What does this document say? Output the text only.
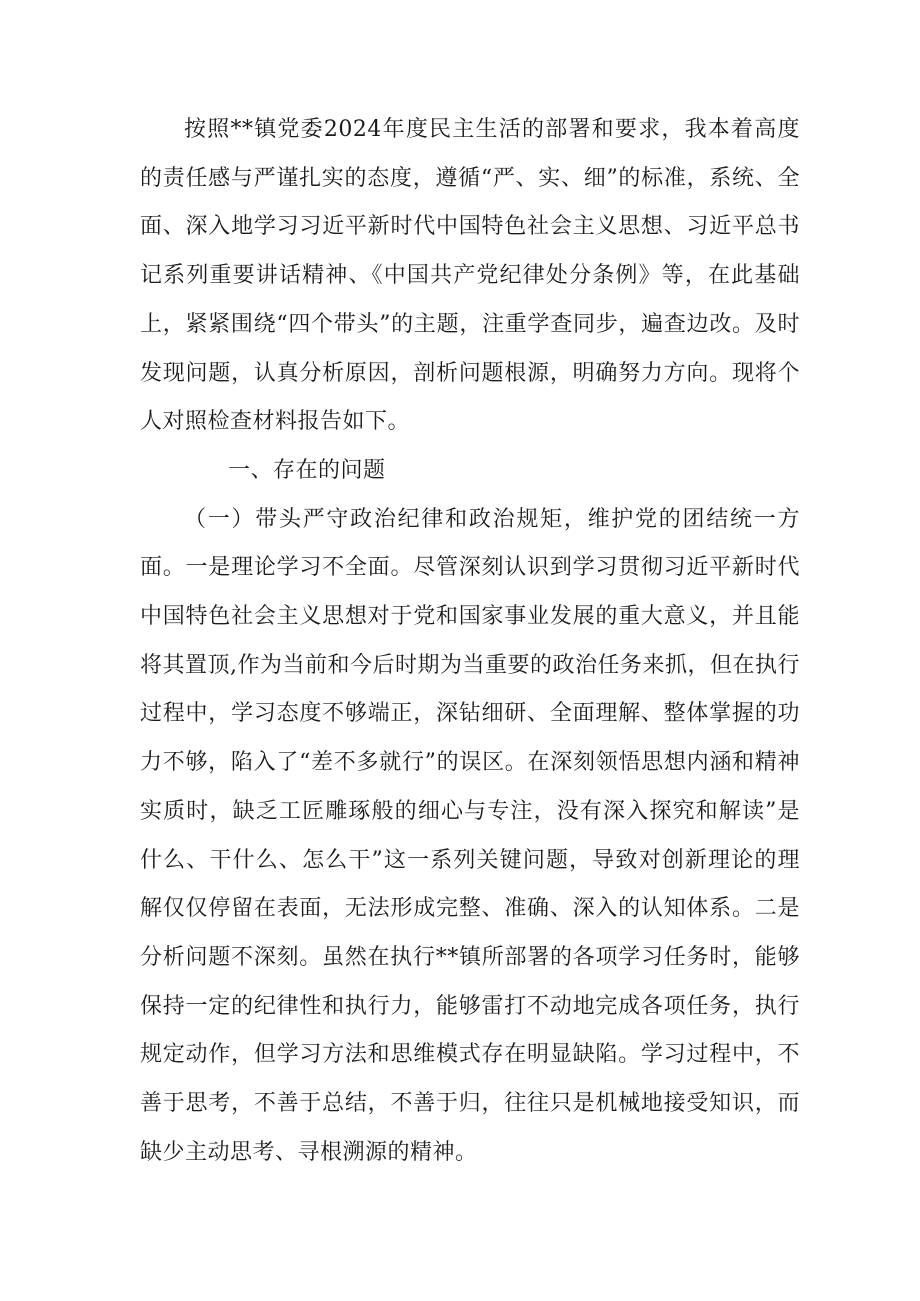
按照**镇党委2024年度民主生活的部署和要求，我本着高度的责任感与严谨扎实的态度，遵循“严、实、细”的标准，系统、全面、深入地学习习近平新时代中国特色社会主义思想、习近平总书记系列重要讲话精神、《中国共产党纪律处分条例》等，在此基础上，紧紧围绕“四个带头”的主题，注重学查同步，遍查边改。及时发现问题，认真分析原因，剖析问题根源，明确努力方向。现将个人对照检查材料报告如下。

一、存在的问题

（一）带头严守政治纪律和政治规矩，维护党的团结统一方面。一是理论学习不全面。尽管深刻认识到学习贯彻习近平新时代中国特色社会主义思想对于党和国家事业发展的重大意义，并且能将其置顶,作为当前和今后时期为当重要的政治任务来抓，但在执行过程中，学习态度不够端正，深钻细研、全面理解、整体掌握的功力不够，陷入了“差不多就行”的误区。在深刻领悟思想内涵和精神实质时，缺乏工匠雕琢般的细心与专注，没有深入探究和解读”是什么、干什么、怎么干”这一系列关键问题，导致对创新理论的理解仅仅停留在表面，无法形成完整、准确、深入的认知体系。二是分析问题不深刻。虽然在执行**镇所部署的各项学习任务时，能够保持一定的纪律性和执行力，能够雷打不动地完成各项任务，执行规定动作，但学习方法和思维模式存在明显缺陷。学习过程中，不善于思考，不善于总结，不善于归，往往只是机械地接受知识，而缺少主动思考、寻根溯源的精神。
